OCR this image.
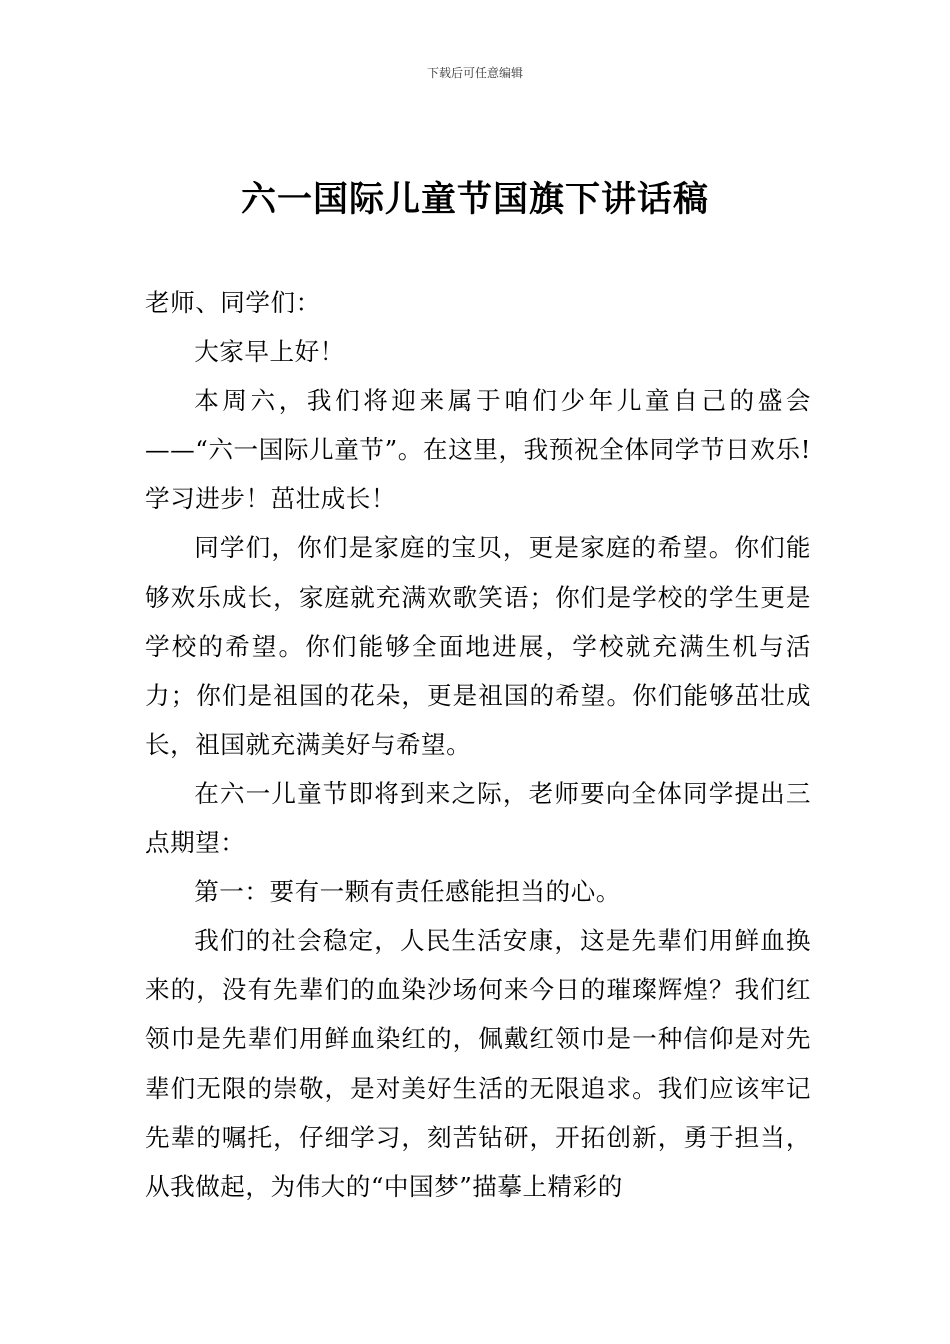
下载后可任意编辑
六一国际儿童节国旗下讲话稿

老师、同学们：

大家早上好！

本周六，我们将迎来属于咱们少年儿童自己的盛会——“六一国际儿童节”。在这里，我预祝全体同学节日欢乐!学习进步！茁壮成长！

同学们，你们是家庭的宝贝，更是家庭的希望。你们能够欢乐成长，家庭就充满欢歌笑语；你们是学校的学生更是学校的希望。你们能够全面地进展，学校就充满生机与活力；你们是祖国的花朵，更是祖国的希望。你们能够茁壮成长，祖国就充满美好与希望。

在六一儿童节即将到来之际，老师要向全体同学提出三点期望：

第一：要有一颗有责任感能担当的心。

我们的社会稳定，人民生活安康，这是先辈们用鲜血换来的，没有先辈们的血染沙场何来今日的璀璨辉煌？我们红领巾是先辈们用鲜血染红的，佩戴红领巾是一种信仰是对先辈们无限的崇敬，是对美好生活的无限追求。我们应该牢记先辈的嘱托，仔细学习，刻苦钻研，开拓创新，勇于担当，从我做起，为伟大的“中国梦”描摹上精彩的
